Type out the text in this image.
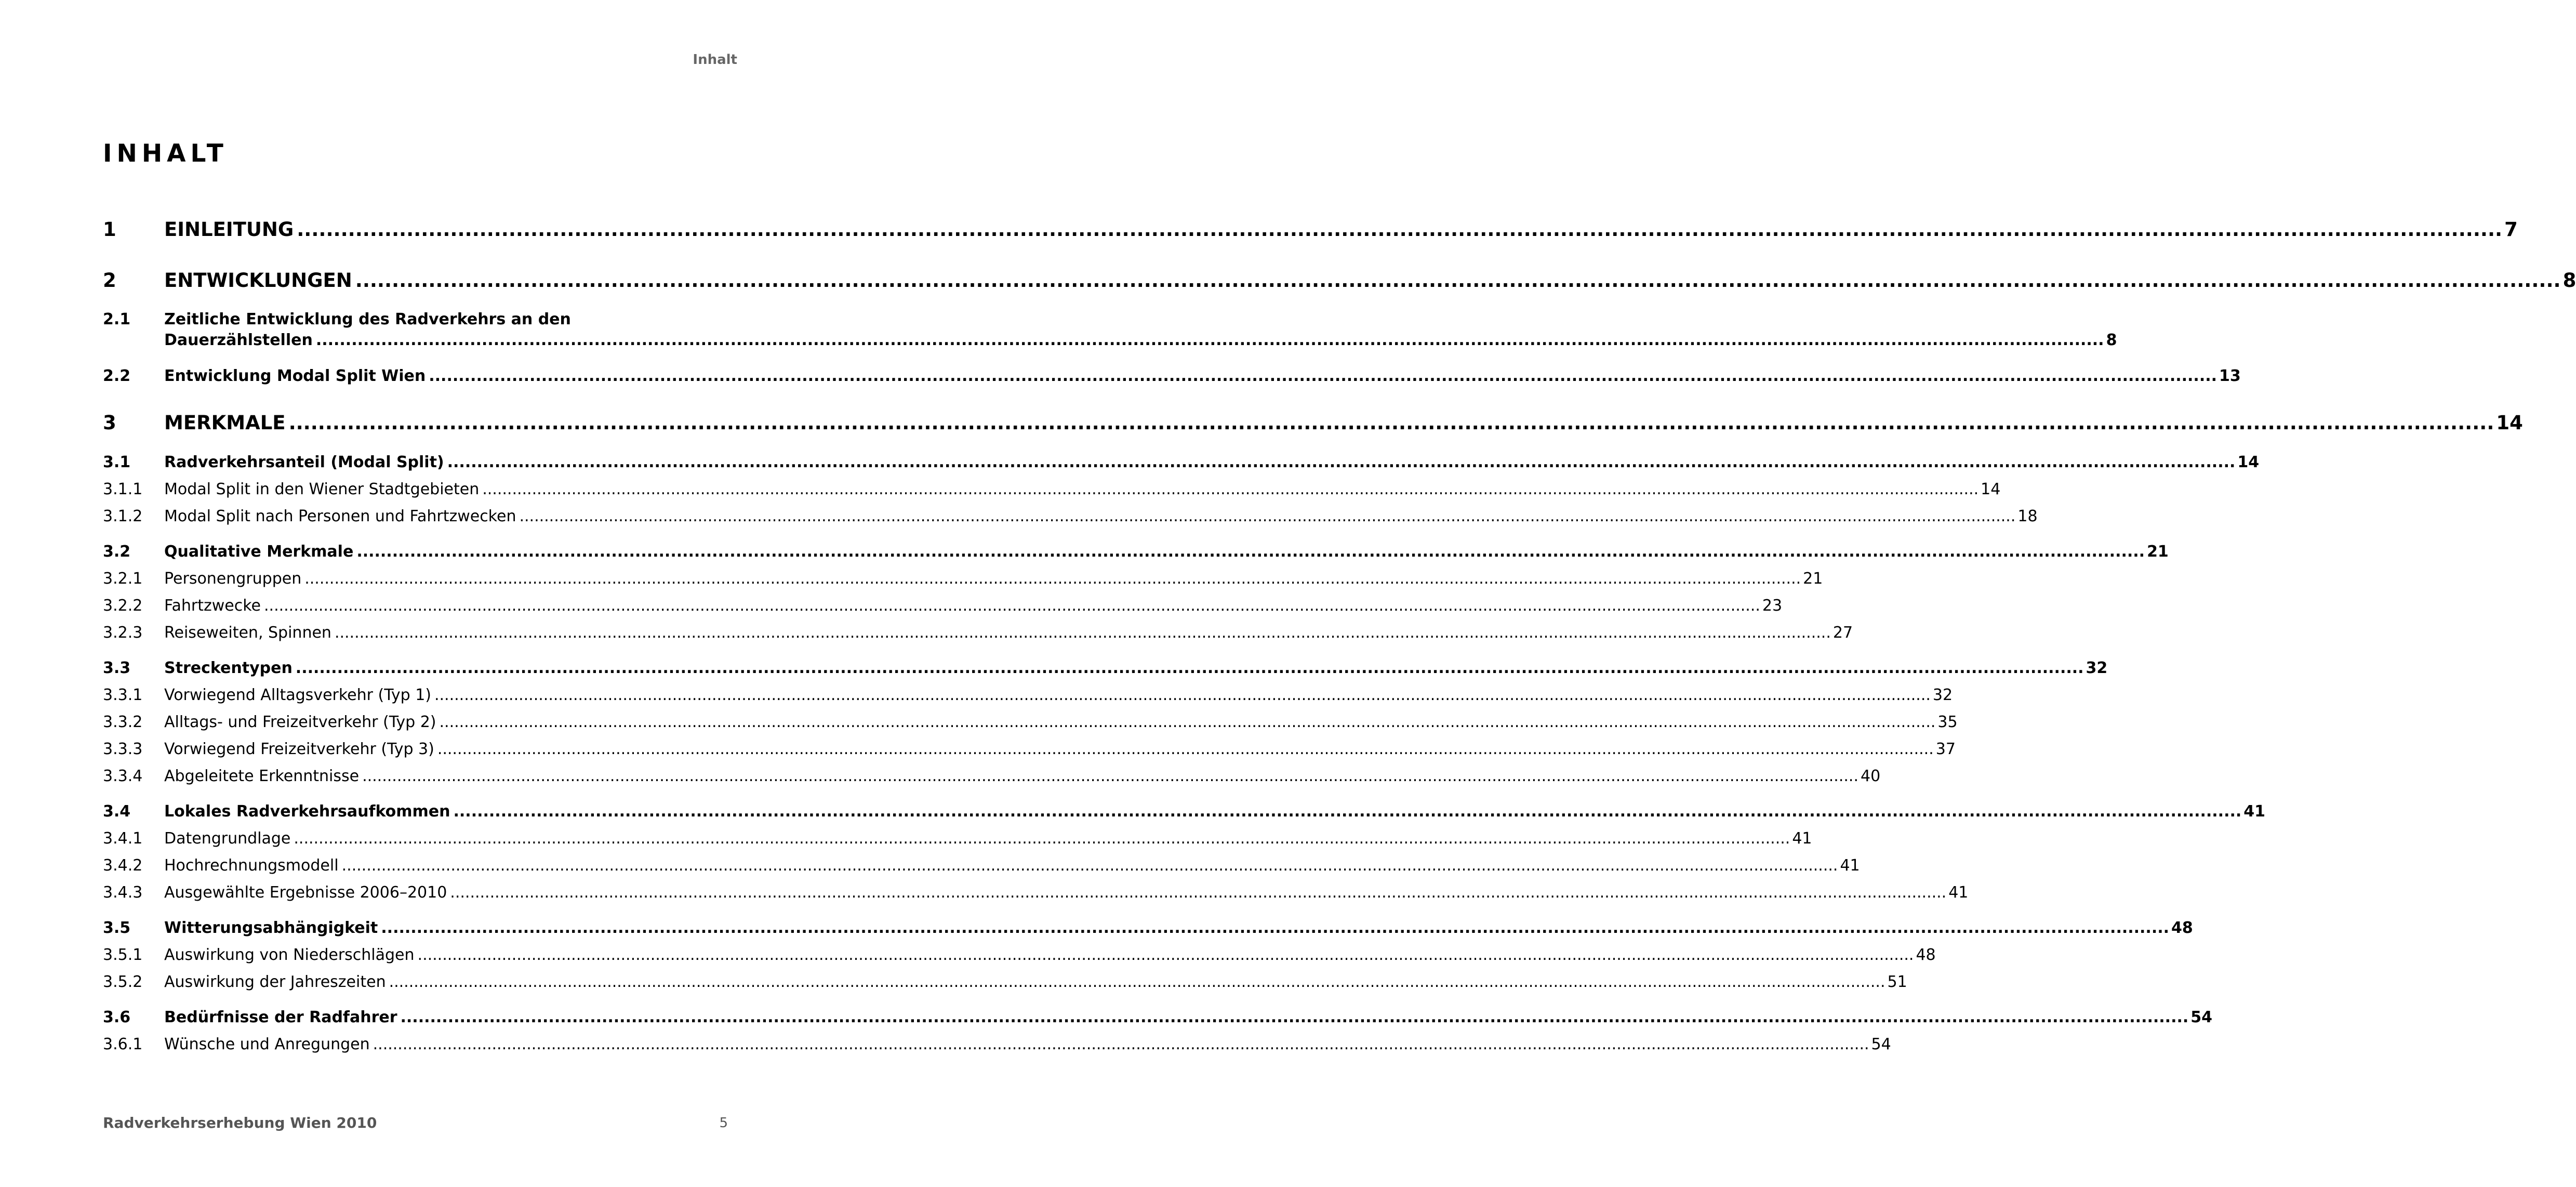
Inhalt
INHALT
1	EINLEITUNG .....	7
2	ENTWICKLUNGEN .....	8
2.1	Zeitliche Entwicklung des Radverkehrs an den
Dauerzählstellen .....	8
2.2	Entwicklung Modal Split Wien .....	13
3	MERKMALE .....	14
3.1	Radverkehrsanteil (Modal Split) .....	14
3.1.1	Modal Split in den Wiener Stadtgebieten .....	14
3.1.2	Modal Split nach Personen und Fahrtzwecken .....	18
3.2	Qualitative Merkmale .....	21
3.2.1	Personengruppen .....	21
3.2.2	Fahrtzwecke .....	23
3.2.3	Reiseweiten, Spinnen .....	27
3.3	Streckentypen .....	32
3.3.1	Vorwiegend Alltagsverkehr (Typ 1) .....	32
3.3.2	Alltags- und Freizeitverkehr (Typ 2) .....	35
3.3.3	Vorwiegend Freizeitverkehr (Typ 3) .....	37
3.3.4	Abgeleitete Erkenntnisse .....	40
3.4	Lokales Radverkehrsaufkommen .....	41
3.4.1	Datengrundlage .....	41
3.4.2	Hochrechnungsmodell .....	41
3.4.3	Ausgewählte Ergebnisse 2006–2010 .....	41
3.5	Witterungsabhängigkeit .....	48
3.5.1	Auswirkung von Niederschlägen .....	48
3.5.2	Auswirkung der Jahreszeiten .....	51
3.6	Bedürfnisse der Radfahrer .....	54
3.6.1	Wünsche und Anregungen .....	54
Radverkehrserhebung Wien 2010	5
